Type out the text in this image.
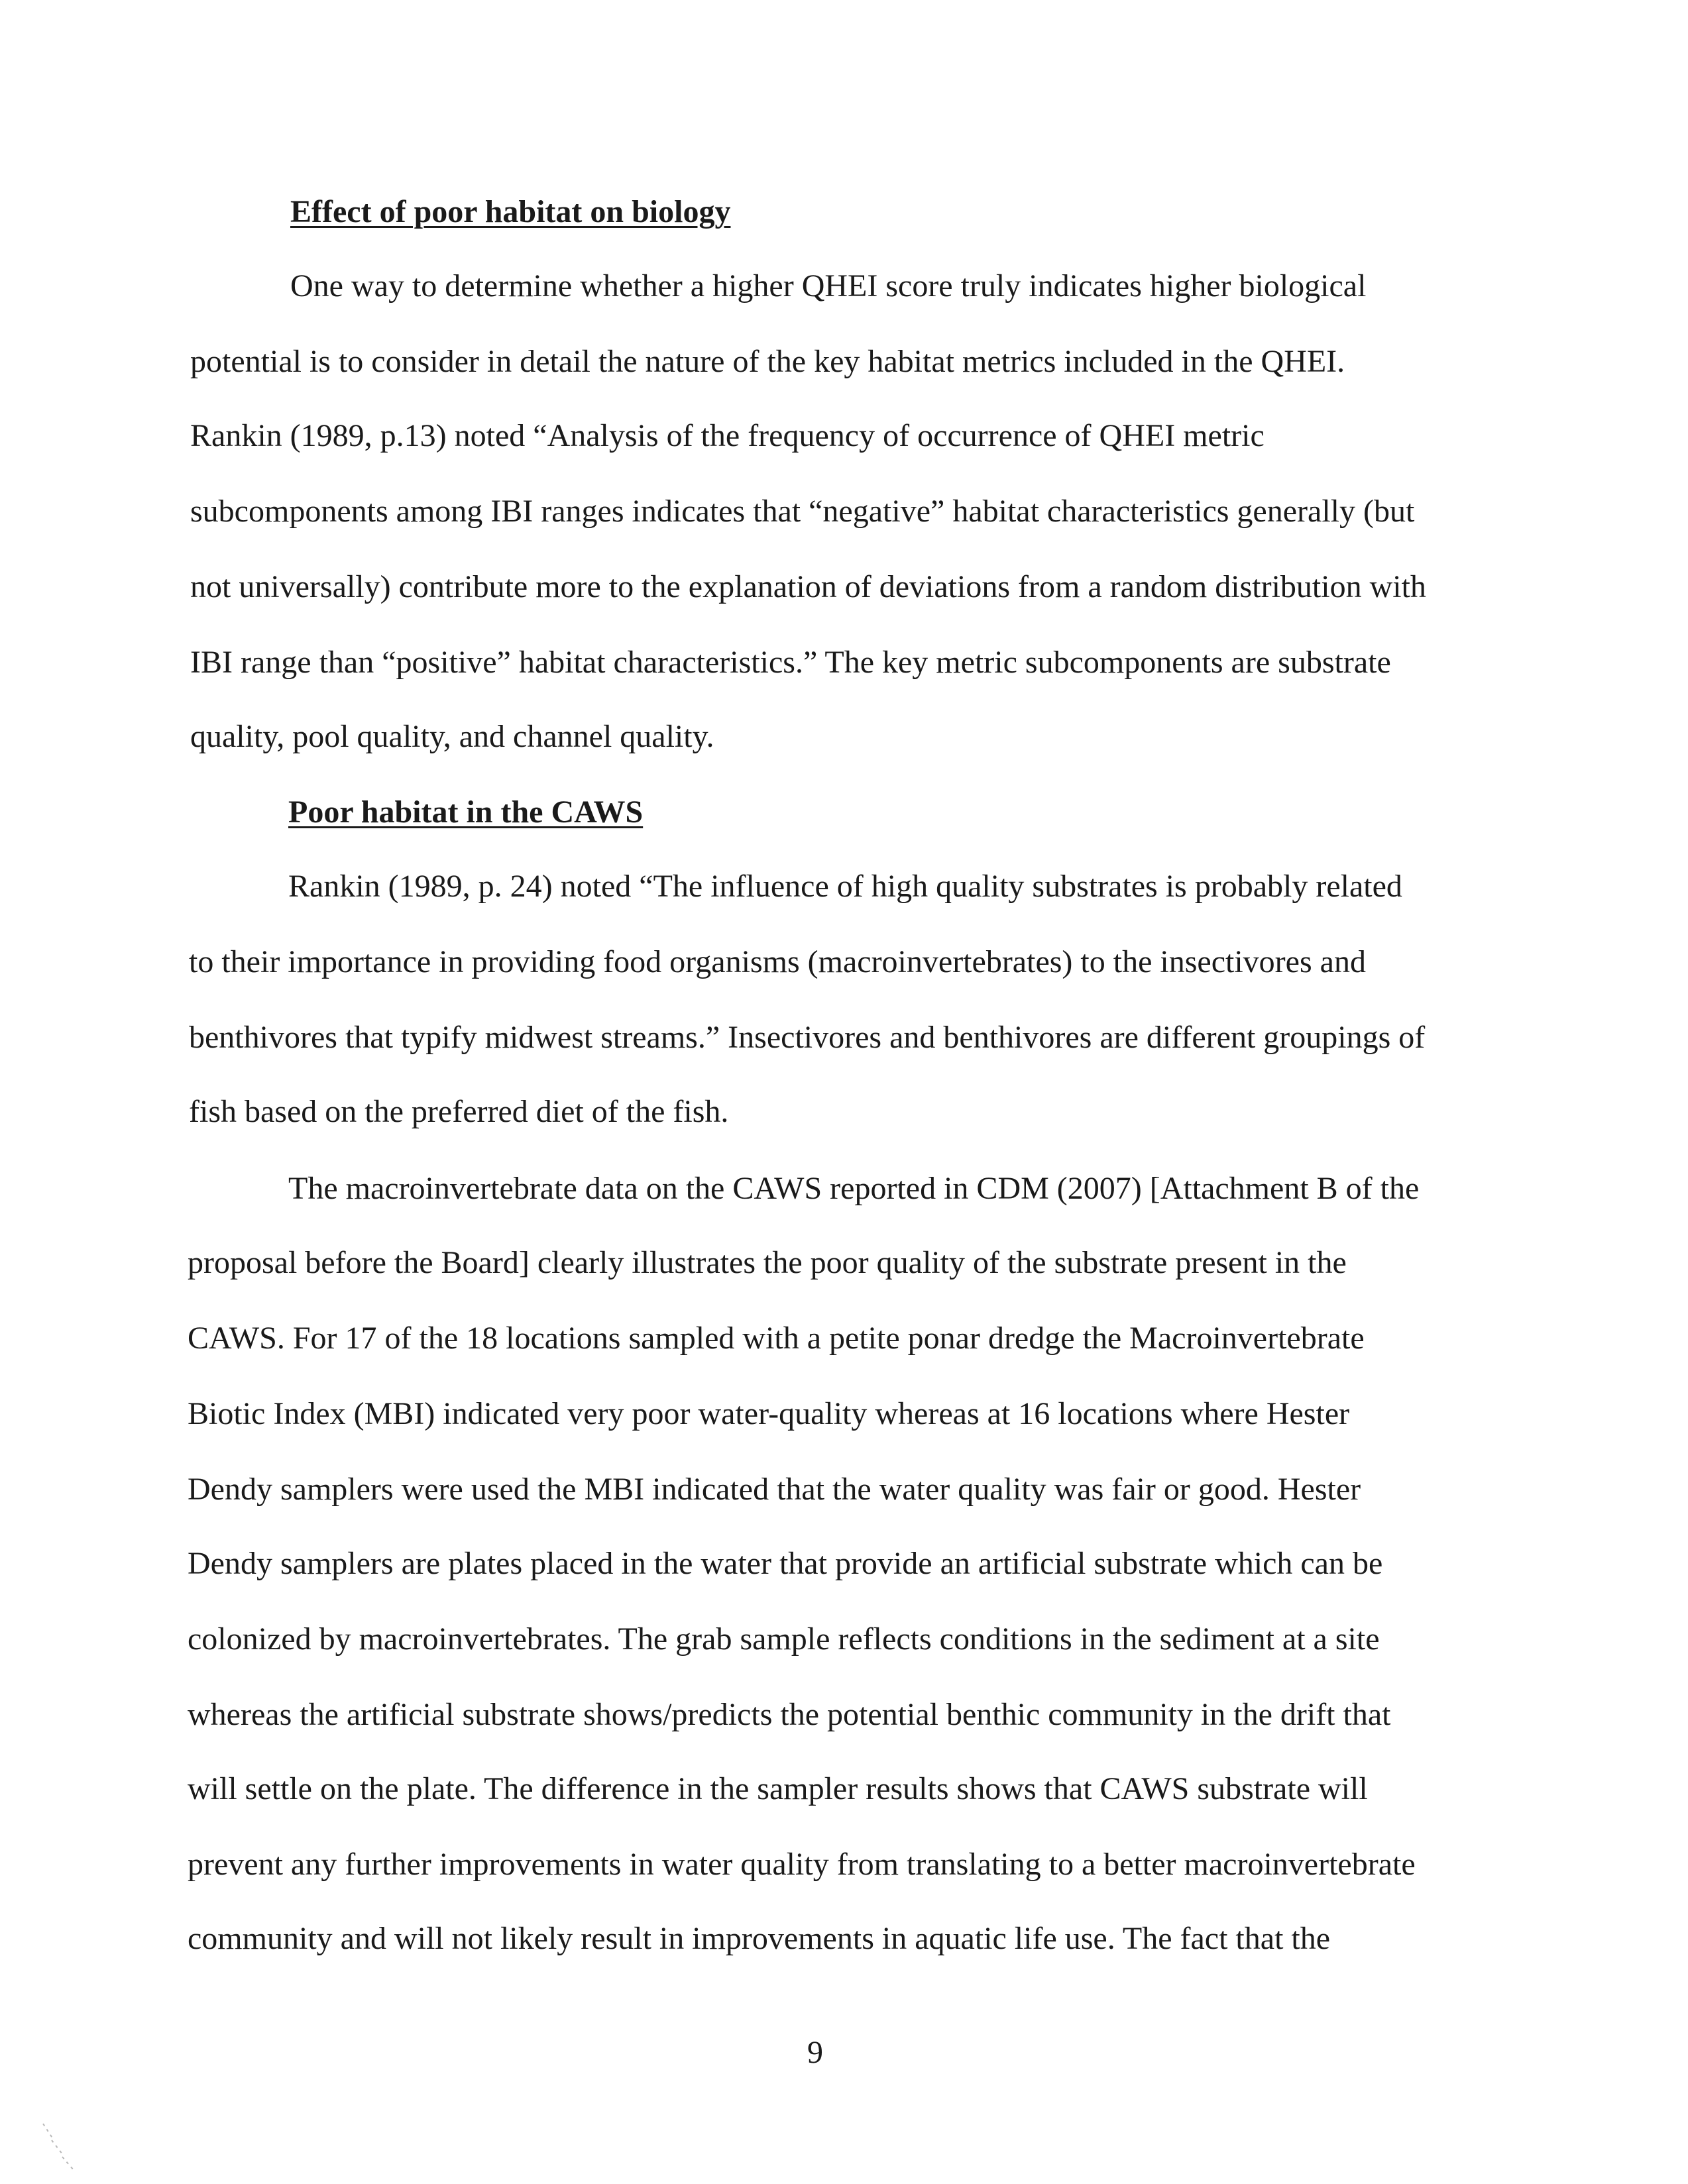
Effect of poor habitat on biology
One way to determine whether a higher QHEI score truly indicates higher biological
potential is to consider in detail the nature of the key habitat metrics included in the QHEI.
Rankin (1989, p.13) noted “Analysis of the frequency of occurrence of QHEI metric
subcomponents among IBI ranges indicates that “negative” habitat characteristics generally (but
not universally) contribute more to the explanation of deviations from a random distribution with
IBI range than “positive” habitat characteristics.” The key metric subcomponents are substrate
quality, pool quality, and channel quality.
Poor habitat in the CAWS
Rankin (1989, p. 24) noted “The influence of high quality substrates is probably related
to their importance in providing food organisms (macroinvertebrates) to the insectivores and
benthivores that typify midwest streams.” Insectivores and benthivores are different groupings of
fish based on the preferred diet of the fish.
The macroinvertebrate data on the CAWS reported in CDM (2007) [Attachment B of the
proposal before the Board] clearly illustrates the poor quality of the substrate present in the
CAWS. For 17 of the 18 locations sampled with a petite ponar dredge the Macroinvertebrate
Biotic Index (MBI) indicated very poor water-quality whereas at 16 locations where Hester
Dendy samplers were used the MBI indicated that the water quality was fair or good. Hester
Dendy samplers are plates placed in the water that provide an artificial substrate which can be
colonized by macroinvertebrates. The grab sample reflects conditions in the sediment at a site
whereas the artificial substrate shows/predicts the potential benthic community in the drift that
will settle on the plate. The difference in the sampler results shows that CAWS substrate will
prevent any further improvements in water quality from translating to a better macroinvertebrate
community and will not likely result in improvements in aquatic life use. The fact that the
9
